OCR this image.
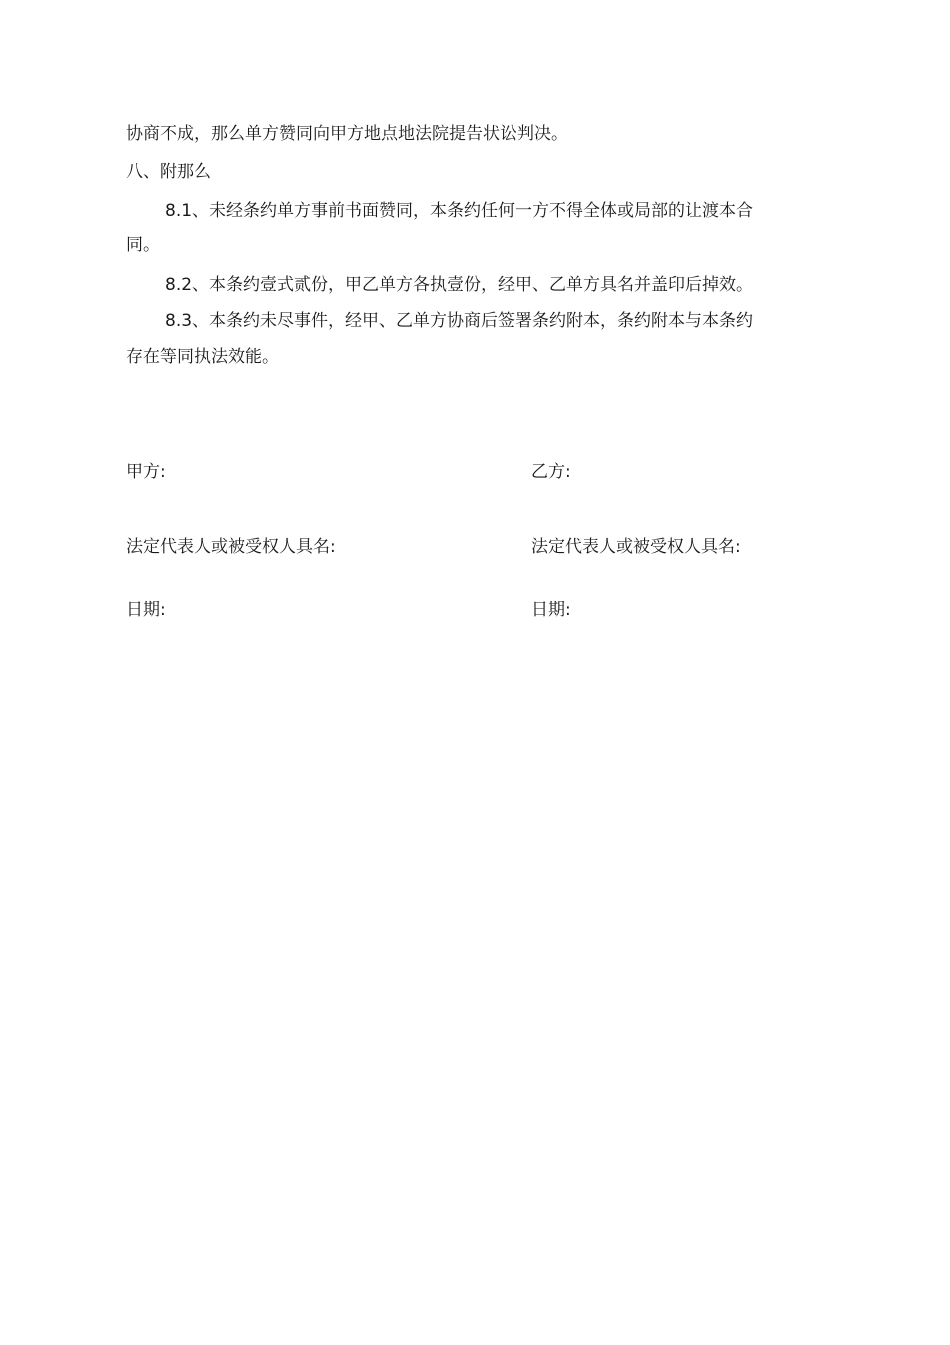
协商不成，那么单方赞同向甲方地点地法院提告状讼判决。
八、附那么
8.1、未经条约单方事前书面赞同，本条约任何一方不得全体或局部的让渡本合
同。
8.2、本条约壹式贰份，甲乙单方各执壹份，经甲、乙单方具名并盖印后掉效。
8.3、本条约未尽事件，经甲、乙单方协商后签署条约附本，条约附本与本条约
存在等同执法效能。
甲方:	乙方:
法定代表人或被受权人具名:	法定代表人或被受权人具名:
日期:	日期:
